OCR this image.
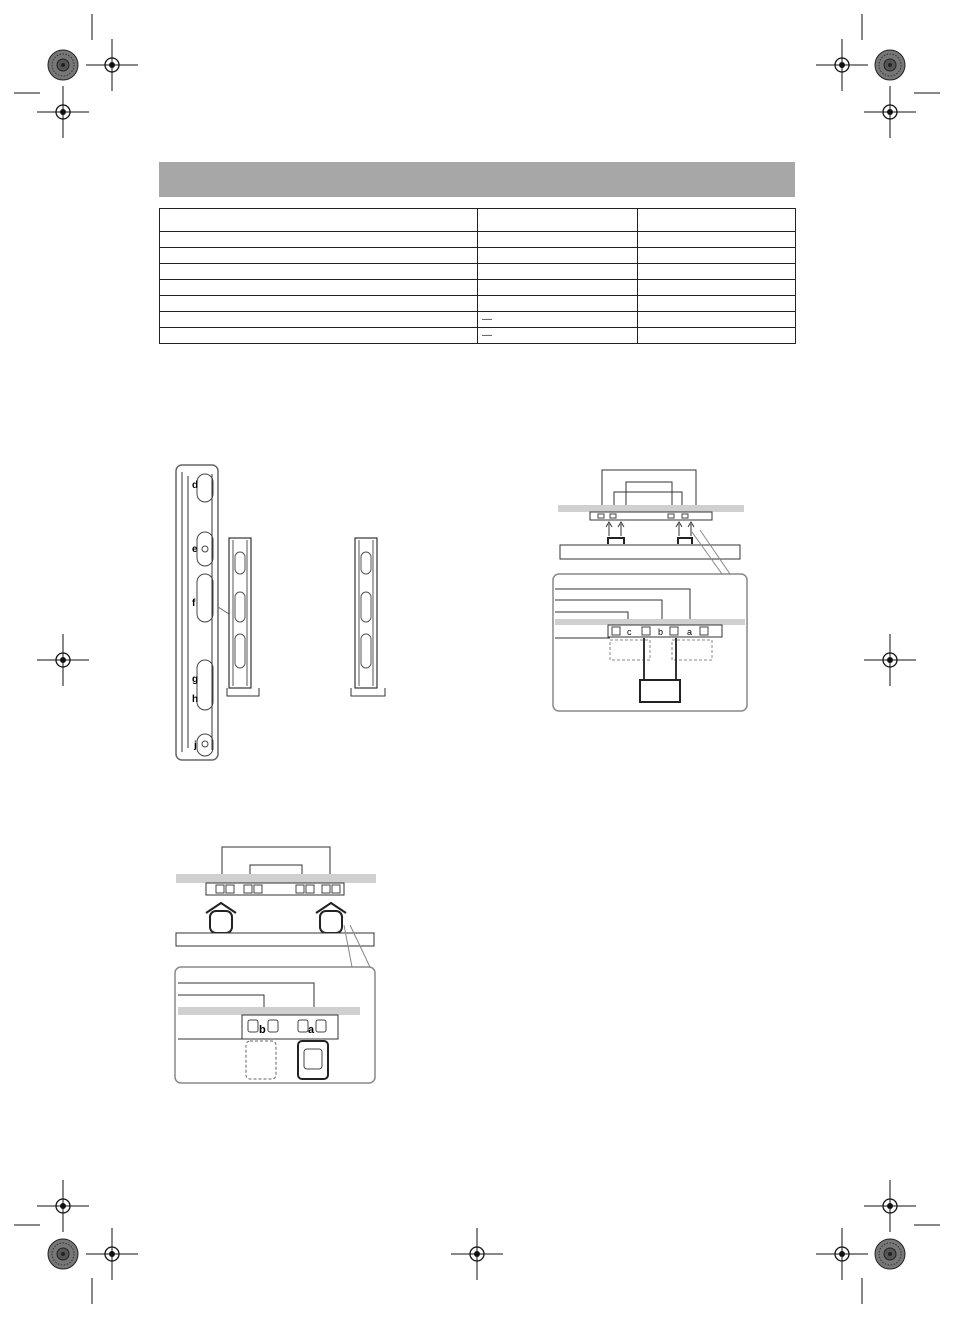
	—	
	—	
d
e
f
g
h
j
c	b	a
b	a
